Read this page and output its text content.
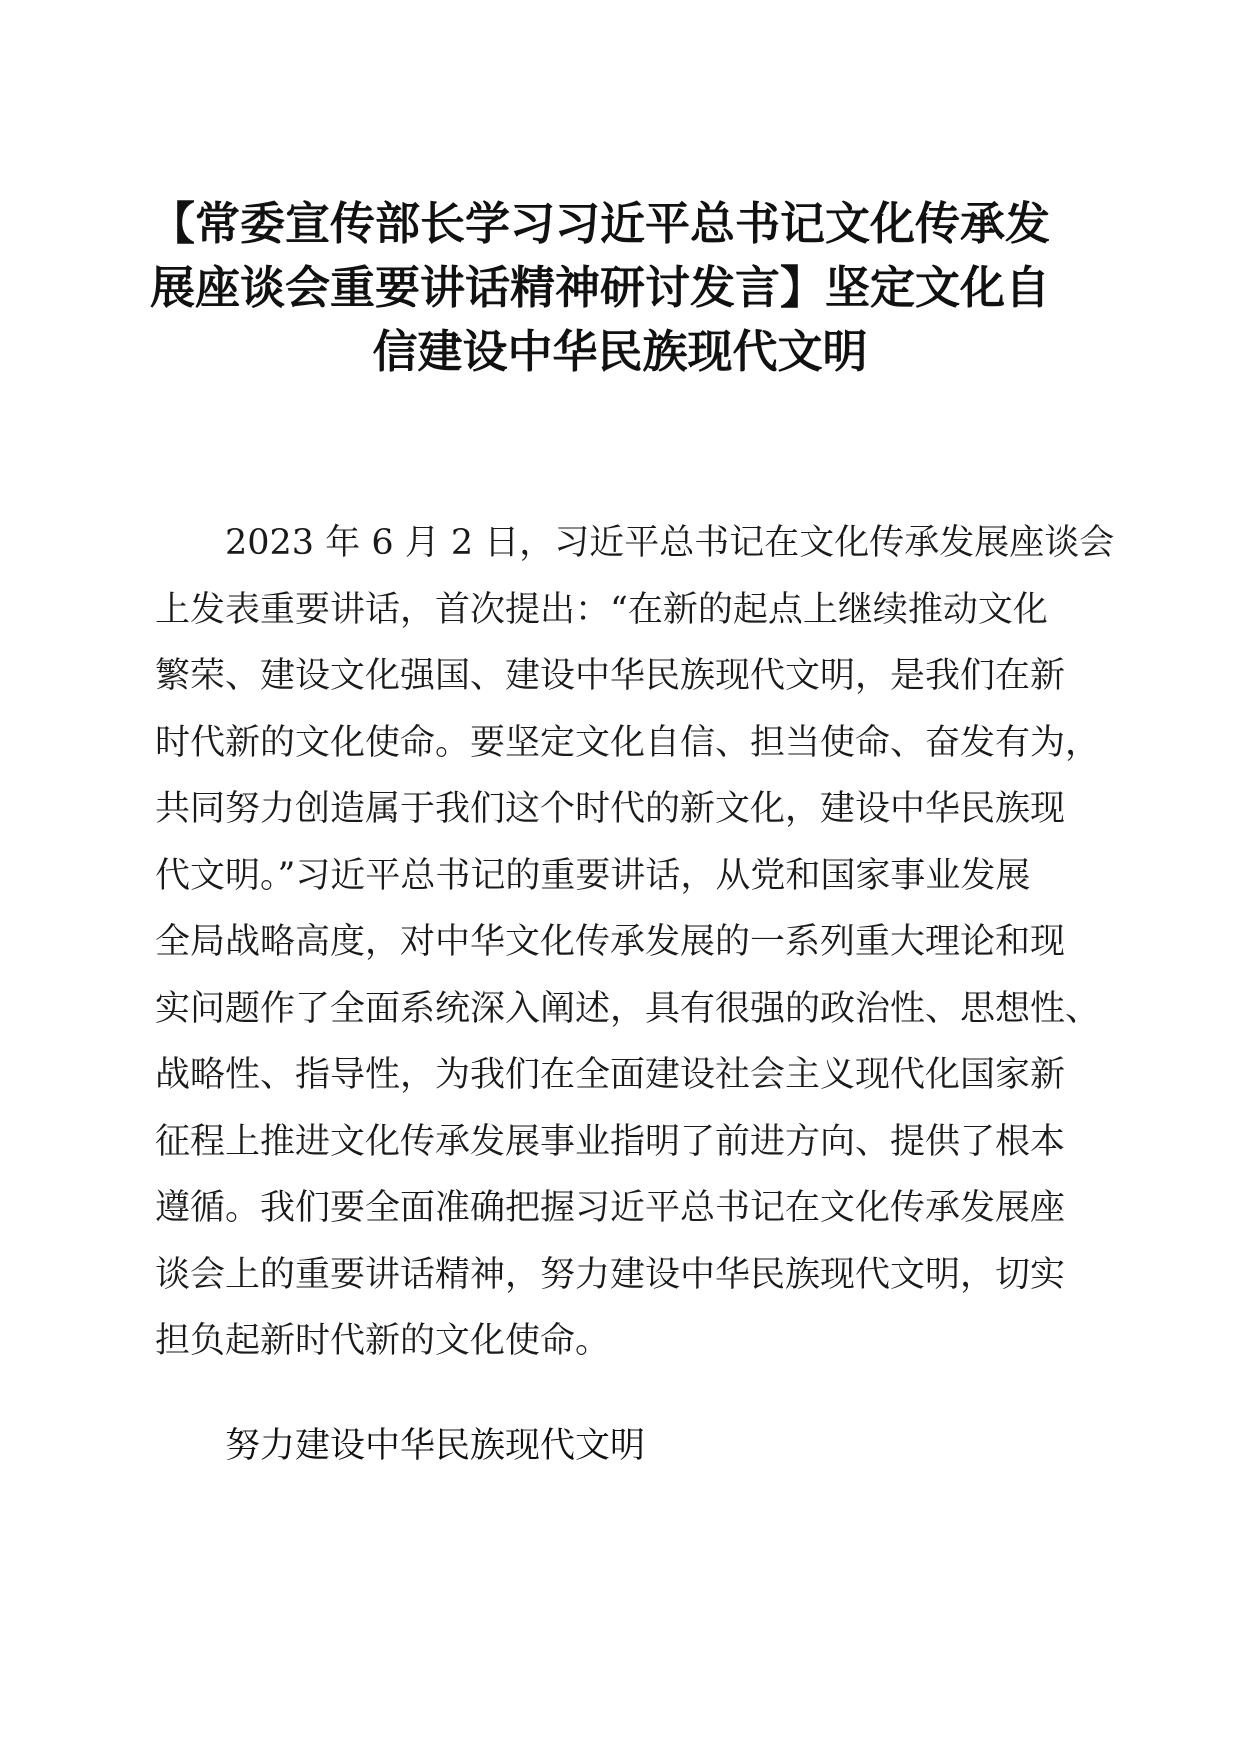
【常委宣传部长学习习近平总书记文化传承发
展座谈会重要讲话精神研讨发言】坚定文化自
信建设中华民族现代文明
2023 年 6 月 2 日，习近平总书记在文化传承发展座谈会
上发表重要讲话，首次提出：“在新的起点上继续推动文化
繁荣、建设文化强国、建设中华民族现代文明，是我们在新
时代新的文化使命。要坚定文化自信、担当使命、奋发有为，
共同努力创造属于我们这个时代的新文化，建设中华民族现
代文明。”习近平总书记的重要讲话，从党和国家事业发展
全局战略高度，对中华文化传承发展的一系列重大理论和现
实问题作了全面系统深入阐述，具有很强的政治性、思想性、
战略性、指导性，为我们在全面建设社会主义现代化国家新
征程上推进文化传承发展事业指明了前进方向、提供了根本
遵循。我们要全面准确把握习近平总书记在文化传承发展座
谈会上的重要讲话精神，努力建设中华民族现代文明，切实
担负起新时代新的文化使命。
努力建设中华民族现代文明
